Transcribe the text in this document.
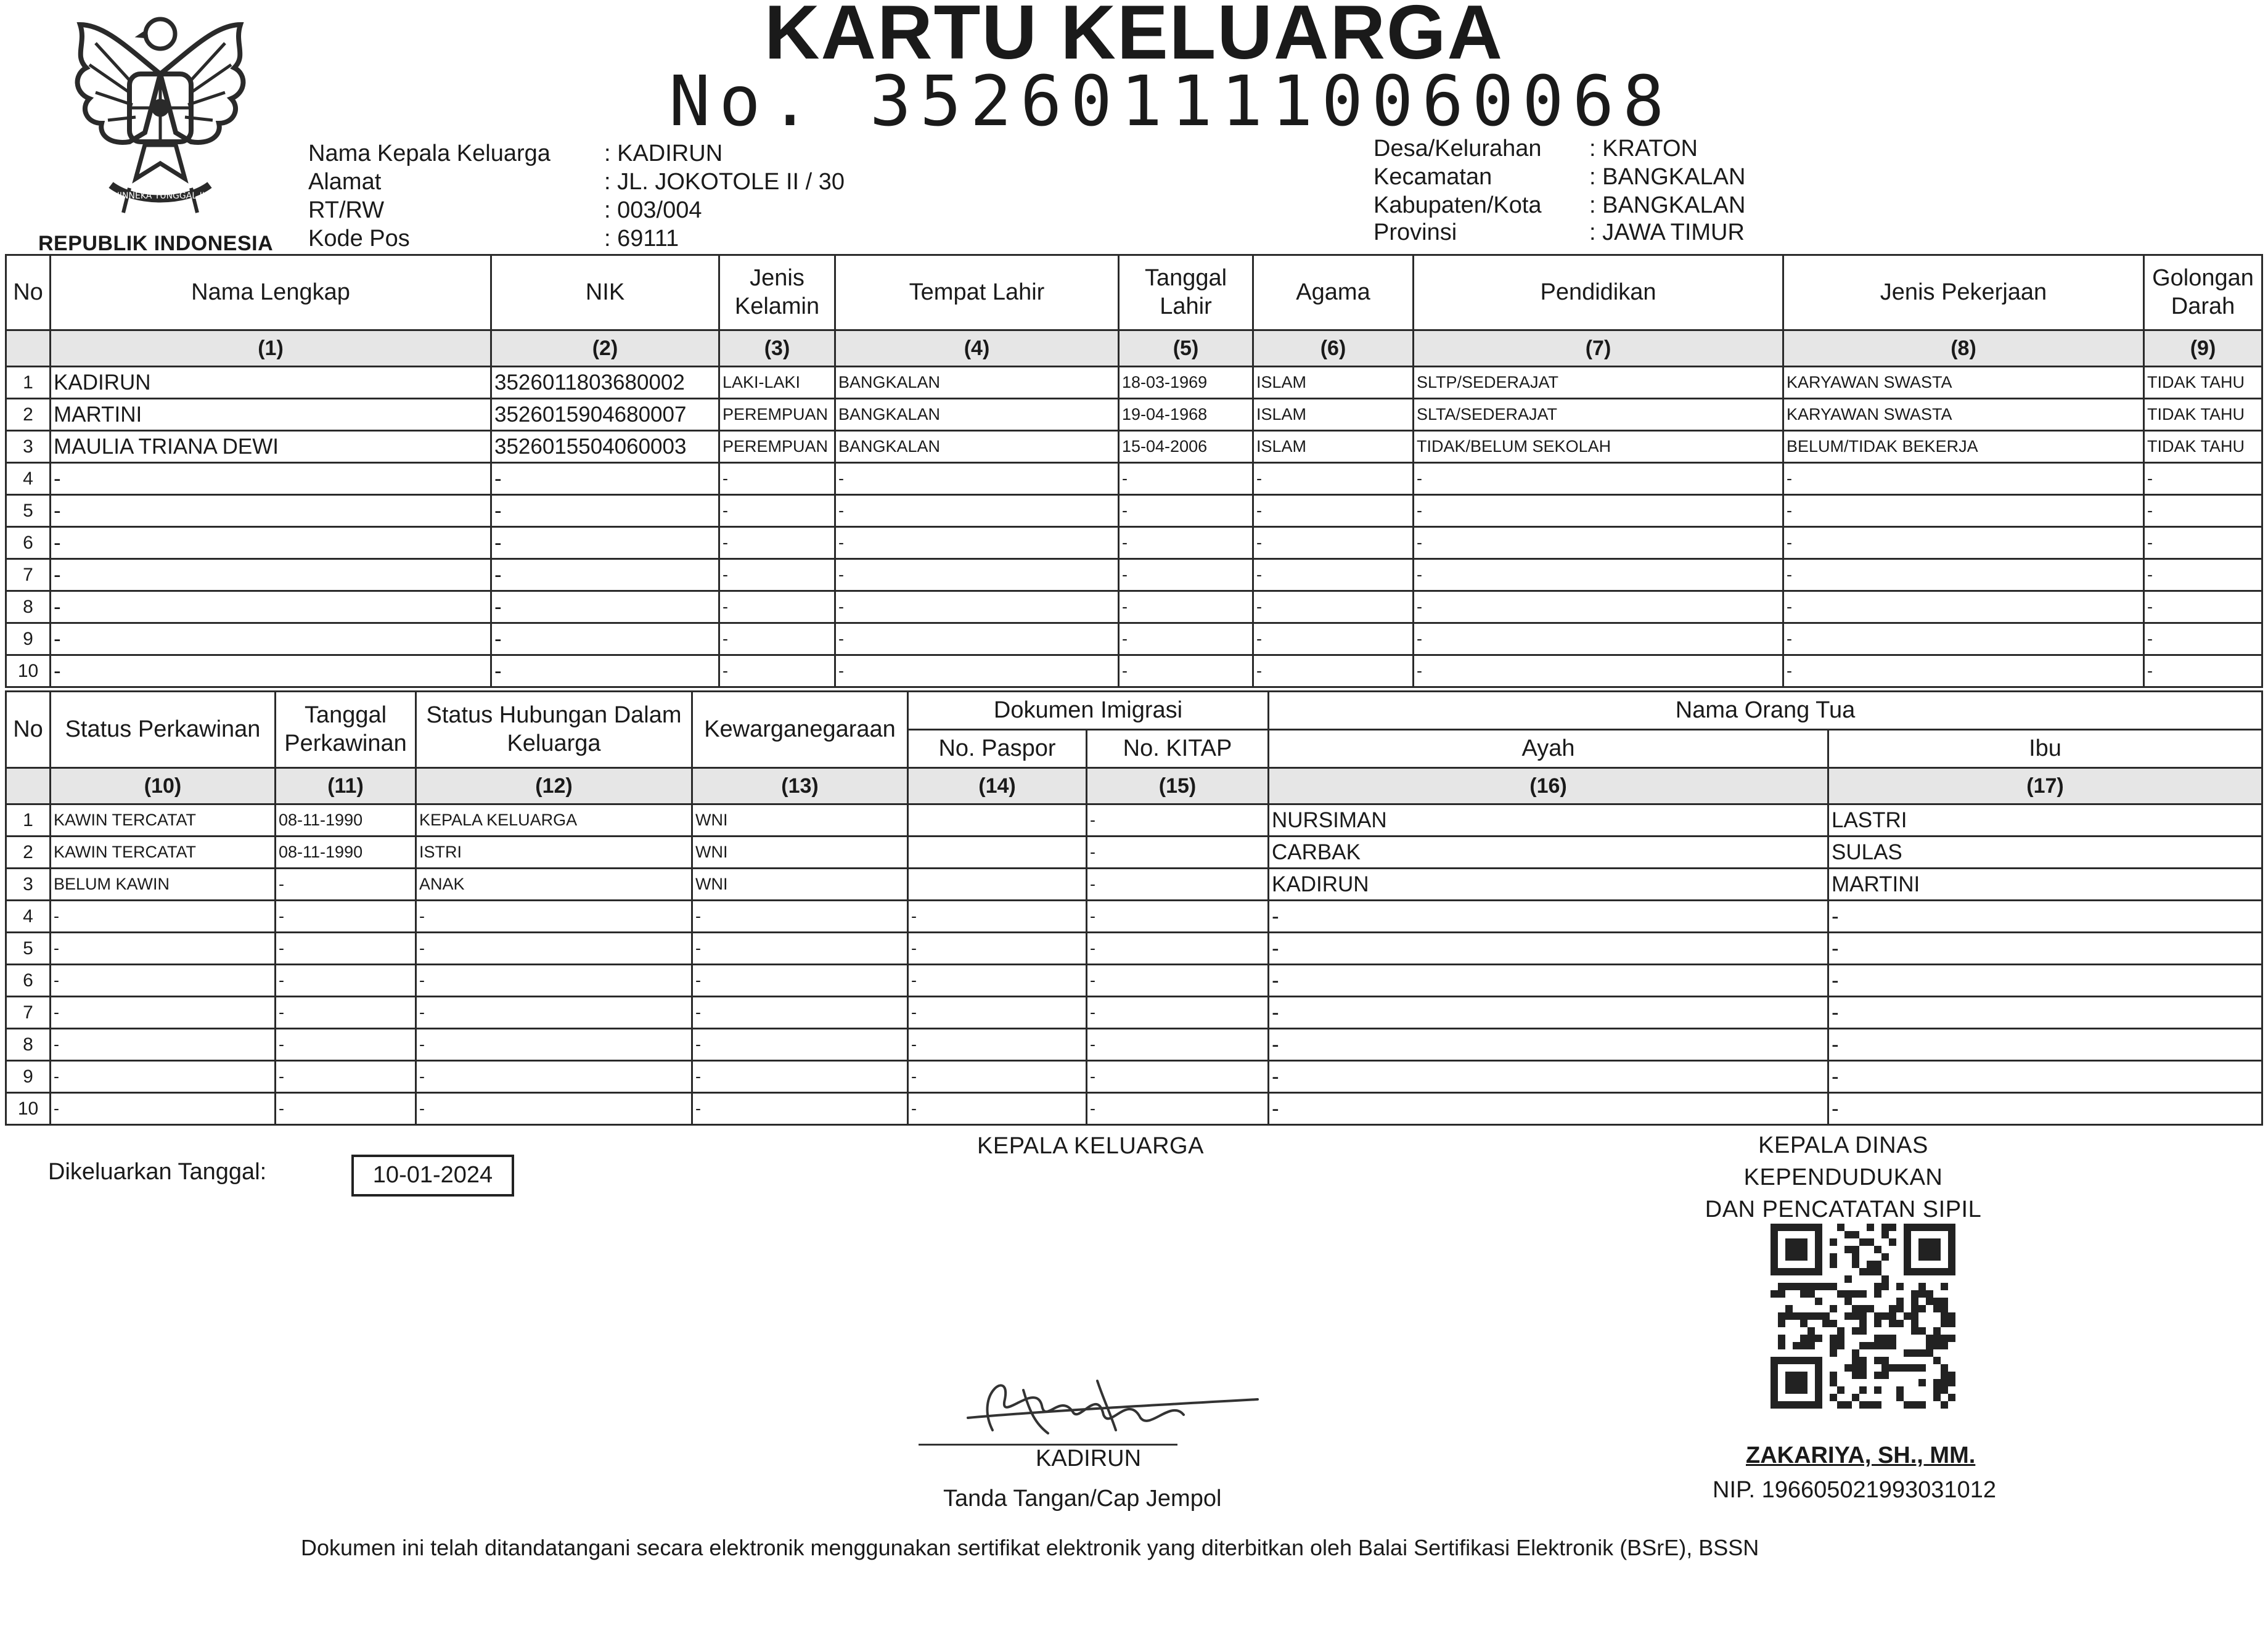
BHINNEKA TUNGGAL IKA
REPUBLIK INDONESIA
KARTU KELUARGA
No. 3526011110060068
Nama Kepala Keluarga : KADIRUN
Alamat	: JL. JOKOTOLE II / 30
RT/RW	: 003/004
Kode Pos	: 69111
Desa/Kelurahan : KRATON
Kecamatan	: BANGKALAN
Kabupaten/Kota : BANGKALAN
Provinsi	: JAWA TIMUR
No	Nama Lengkap	NIK	Jenis Kelamin	Tempat Lahir	Tanggal Lahir	Agama	Pendidikan	Jenis Pekerjaan	Golongan Darah
	(1)	(2)	(3)	(4)	(5)	(6)	(7)	(8)	(9)
1	KADIRUN	3526011803680002	LAKI-LAKI	BANGKALAN	18-03-1969	ISLAM	SLTP/SEDERAJAT	KARYAWAN SWASTA	TIDAK TAHU
2	MARTINI	3526015904680007	PEREMPUAN	BANGKALAN	19-04-1968	ISLAM	SLTA/SEDERAJAT	KARYAWAN SWASTA	TIDAK TAHU
3	MAULIA TRIANA DEWI	3526015504060003	PEREMPUAN	BANGKALAN	15-04-2006	ISLAM	TIDAK/BELUM SEKOLAH	BELUM/TIDAK BEKERJA	TIDAK TAHU
4	-	-	-	-	-	-	-	-	-
5	-	-	-	-	-	-	-	-	-
6	-	-	-	-	-	-	-	-	-
7	-	-	-	-	-	-	-	-	-
8	-	-	-	-	-	-	-	-	-
9	-	-	-	-	-	-	-	-	-
10	-	-	-	-	-	-	-	-	-
No	Status Perkawinan	Tanggal Perkawinan	Status Hubungan Dalam Keluarga	Kewarganegaraan	Dokumen Imigrasi		Nama Orang Tua	
					No. Paspor	No. KITAP	Ayah	Ibu
	(10)	(11)	(12)	(13)	(14)	(15)	(16)	(17)
1	KAWIN TERCATAT	08-11-1990	KEPALA KELUARGA	WNI		-	NURSIMAN	LASTRI
2	KAWIN TERCATAT	08-11-1990	ISTRI	WNI		-	CARBAK	SULAS
3	BELUM KAWIN	-	ANAK	WNI		-	KADIRUN	MARTINI
4	-	-	-	-	-	-	-	-
5	-	-	-	-	-	-	-	-
6	-	-	-	-	-	-	-	-
7	-	-	-	-	-	-	-	-
8	-	-	-	-	-	-	-	-
9	-	-	-	-	-	-	-	-
10	-	-	-	-	-	-	-	-
Dikeluarkan Tanggal:	10-01-2024
KEPALA KELUARGA
KADIRUN
Tanda Tangan/Cap Jempol
KEPALA DINAS KEPENDUDUKAN
DAN PENCATATAN SIPIL
ZAKARIYA, SH., MM.
NIP. 196605021993031012
Dokumen ini telah ditandatangani secara elektronik menggunakan sertifikat elektronik yang diterbitkan oleh Balai Sertifikasi Elektronik (BSrE), BSSN
